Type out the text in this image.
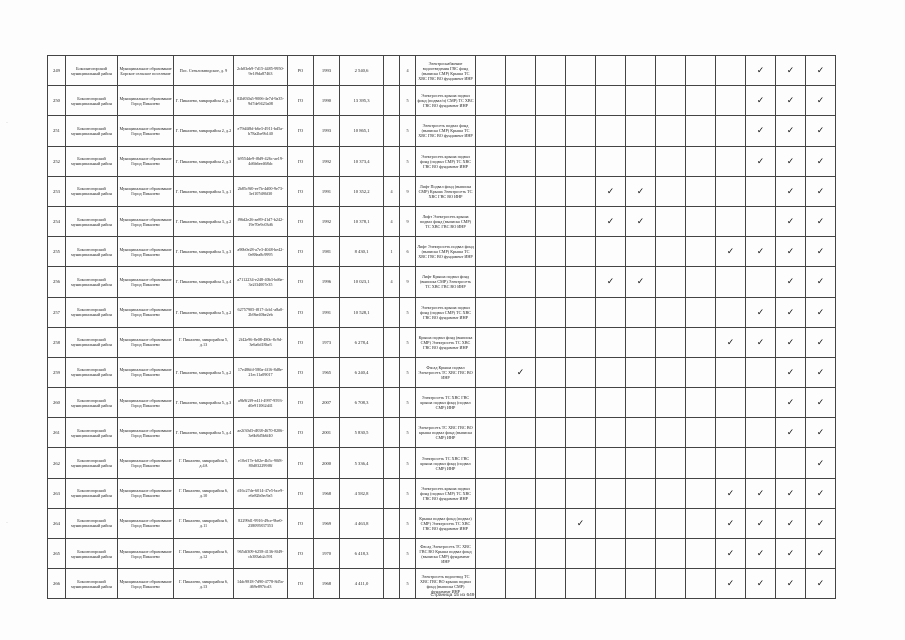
249	Боксинтогорский муниципальный район	Муниципальное образование Борское сельское поселение	Пос. Стеклозаводское, д. 9	2cb03eb9-7d15-4485-9950-9e1f9da87463	РО	1993	2 540,6		4	Электроснабжение водоотведения ГВС фонд (выписка СМР) Крыша ТС ХВС ГВС ВО фундамент ИНР										✓	✓	✓
250	Бокситогорский муниципальный район	Муниципальное образование Город Пикалево	Г. Пикалево, микрорайон 2, д.1	02b830a5-9006-4e7d-9a35-9d7de9423a08	ГО	1990	13 395,3		5	Электросеть крыша подвал фонд (подвал/п) СМР) ТС ХВС ГВС ВО фундамент ИНР										✓	✓	✓
251	Бокситогорский муниципальный район	Муниципальное образование Город Пикалево	Г. Пикалево, микрорайон 2, д.2	e79d4f8d-b6e3-4911-bd5a-b78a2be9b140	ГО	1993	10 865,1		5	Электросеть подвал фонд (выписка СМР) Крыша ТС ХВС ГВС ВО фундамент ИНР										✓	✓	✓
252	Бокситогорский муниципальный район	Муниципальное образование Город Пикалево	Г. Пикалево, микрорайон 2, д.3	b9554de9-f8d9-426c-ae19-4d6b6ee468dc	ГО	1992	10 373,4		5	Электросеть крыша подвал фонд (подвал СМР) ТС ХВС ГВС ВО фундамент ИНР										✓	✓	✓
253	Бокситогорский муниципальный район	Муниципальное образование Город Пикалево	Г. Пикалево, микрорайон 3, д.1	2b85c9f0-ee7b-4d00-9e73-3ef107d86f30	ГО	1991	10 352,2	4	9	Лифт Подвал фонд (выписка СМР) Крыша Электросеть ТС ХВС ГВС ВО ИНР					✓	✓					✓	✓
254	Бокситогорский муниципальный район	Муниципальное образование Город Пикалево	Г. Пикалево, микрорайон 3, д.2	f96d2e26-ae89-41d7-b242-19e70e9c03d6	ГО	1992	10 378,1	4	9	Лифт Электросеть крыша подвал фонд (выписка СМР) ТС ХВС ГВС ВО ИНР					✓	✓					✓	✓
255	Бокситогорский муниципальный район	Муниципальное образование Город Пикалево	Г. Пикалево, микрорайон 3, д.3	a90b0e28-a7e3-4048-be42-0e88ea8c9995	ГО	1981	8 430,1	1	6	Лифт Электросеть подвал фонд (выписка СМР) Крыша ТС ХВС ГВС ВО фундамент ИНР									✓	✓	✓	✓
256	Бокситогорский муниципальный район	Муниципальное образование Город Пикалево	Г. Пикалево, микрорайон 3, д.4	a7112234-e248-40b3-bd6e-3e2f34007e35	ГО	1996	10 023,1	4	9	Лифт Крыша подвал фонд (выписка СМР) Электросеть ТС ХВС ГВС ВО ИНР					✓	✓					✓	✓
257	Бокситогорский муниципальный район	Муниципальное образование Город Пикалево	Г. Пикалево, микрорайон 5, д.2	62757905-f817-4cb1-a8a0-2b9be40be2eb	ГО	1991	10 528,1		5	Электросеть крыша подвал фонд (подвал СМР) ТС ХВС ГВС ВО фундамент ИНР										✓	✓	✓
258	Бокситогорский муниципальный район	Муниципальное образование Город Пикалево	Г. Пикалево, микрорайон 5, д.13	2f42e96-8e08-480c-8c9d-3e6a6d18be3	ГО	1973	6 278,4		5	Крыша подвал фонд (выписка СМР) Электросеть ТС ХВС ГВС ВО фундамент ИНР									✓	✓	✓	✓
259	Бокситогорский муниципальный район	Муниципальное образование Город Пикалево	Г. Пикалево, микрорайон 5, д.2	17e486fd-580a-4f16-8d8e-21ec11a09017	ГО	1965	6 240,4		5	Фасад Крыша подвал Электросеть ТС ХВС ГВС ВО ИНР		✓									✓	✓
260	Бокситогорский муниципальный район	Муниципальное образование Город Пикалево	Г. Пикалево, микрорайон 5, д.3	a9b9f2f9-e41f-4997-9593-d0e911062d41	ГО	2007	6 708,3		5	Электросеть ТС ХВС ГВС крыша подвал фонд (подвал СМР) ИНР											✓	✓
261	Бокситогорский муниципальный район	Муниципальное образование Город Пикалево	Г. Пикалево, микрорайон 5, д.4	ae2f30d3-d838-4670-8206-3e6b8d5b6f40	ГО	2001	5 830,5		5	Электросеть ТС ХВС ГВС ВО крыша подвал фонд (выписка СМР) ИНР											✓	✓
262	Бокситогорский муниципальный район	Муниципальное образование Город Пикалево	Г. Пикалево, микрорайон 5, д.4А	e10ef17e-b02e-4b5c-90f8-80d032299f8f	ГО	2000	5 336,4		5	Электросеть ТС ХВС ГВС крыша подвал фонд (подвал СМР) ИНР												✓
263	Бокситогорский муниципальный район	Муниципальное образование Город Пикалево	Г. Пикалево, микрорайон 6, д.10	d16c27de-6014-47e5-bce9-e6e82b0ec9a5	ГО	1968	4 582,8		5	Электросеть крыша подвал фонд (подвал СМР) ТС ХВС ГВС ВО фундамент ИНР									✓	✓	✓	✓
264	Бокситогорский муниципальный район	Муниципальное образование Город Пикалево	Г. Пикалево, микрорайон 6, д.11	82299d1-9916-49ce-9be0-238095837353	ГО	1969	4 463,8		5	Крыша подвал фонд (подвал) СМР) Электросеть ТС ХВС ГВС ВО фундамент ИНР				✓					✓	✓	✓	✓
265	Бокситогорский муниципальный район	Муниципальное образование Город Пикалево	Г. Пикалево, микрорайон 6, д.12	965df309-6258-4136-8f49-cb383ab2c591	ГО	1970	6 418,3		5	Фасад Электросеть ТС ХВС ГВС ВО Крыша подвал фонд (выписка СМР) фундамент ИНР									✓	✓	✓	✓
266	Бокситогорский муниципальный район	Муниципальное образование Город Пикалево	Г. Пикалево, микрорайон 6, д.13	14dc9818-7d90-4778-8d5a-469e897fcd3	ГО	1968	4 411,0		5	Электросеть водоотвод ТС ХВС ГВС ВО крыша подвал фонд (выписка СМР) фундамент ИНР									✓	✓	✓	✓
Страница 15 из 649
·
·
